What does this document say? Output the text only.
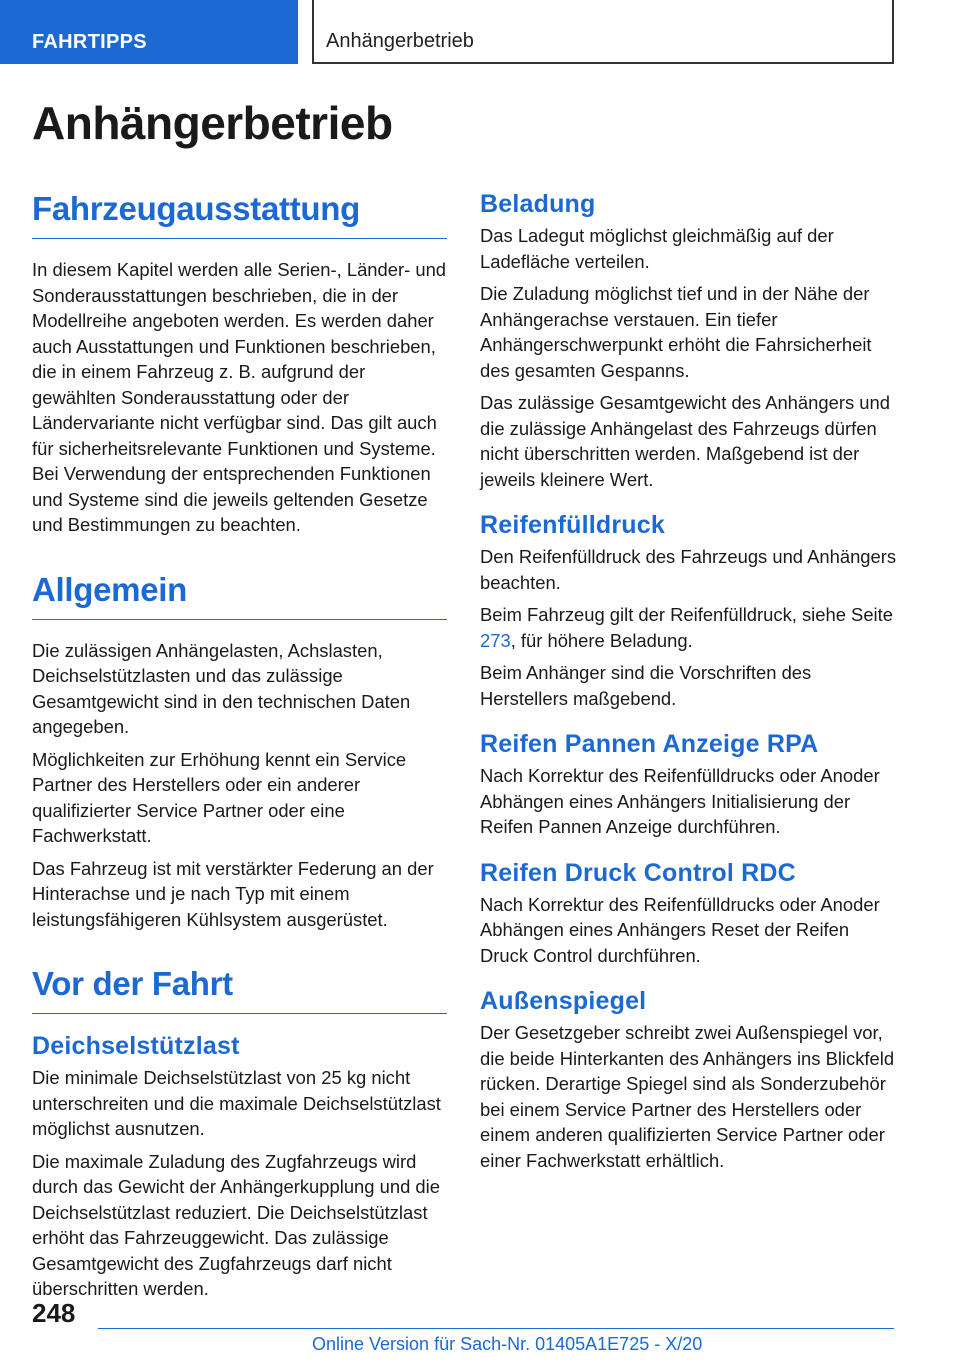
FAHRTIPPS	Anhängerbetrieb
Anhängerbetrieb
Fahrzeugausstattung

In diesem Kapitel werden alle Serien-, Länder- und Sonderausstattungen beschrieben, die in der Modellreihe angeboten werden. Es werden daher auch Ausstattungen und Funktionen beschrieben, die in einem Fahrzeug z. B. aufgrund der gewählten Sonderausstattung oder der Ländervariante nicht verfügbar sind. Das gilt auch für sicherheitsrelevante Funktionen und Systeme. Bei Verwendung der entsprechenden Funktionen und Systeme sind die jeweils geltenden Gesetze und Bestimmungen zu beachten.

Allgemein

Die zulässigen Anhängelasten, Achslasten, Deichselstützlasten und das zulässige Gesamtgewicht sind in den technischen Daten angegeben.

Möglichkeiten zur Erhöhung kennt ein Service Partner des Herstellers oder ein anderer qualifizierter Service Partner oder eine Fachwerkstatt.

Das Fahrzeug ist mit verstärkter Federung an der Hinterachse und je nach Typ mit einem leistungsfähigeren Kühlsystem ausgerüstet.

Vor der Fahrt
Deichselstützlast

Die minimale Deichselstützlast von 25 kg nicht unterschreiten und die maximale Deichselstützlast möglichst ausnutzen.

Die maximale Zuladung des Zugfahrzeugs wird durch das Gewicht der Anhängerkupplung und die Deichselstützlast reduziert. Die Deichselstützlast erhöht das Fahrzeuggewicht. Das zulässige Gesamtgewicht des Zugfahrzeugs darf nicht überschritten werden.

Beladung

Das Ladegut möglichst gleichmäßig auf der Ladefläche verteilen.

Die Zuladung möglichst tief und in der Nähe der Anhängerachse verstauen. Ein tiefer Anhängerschwerpunkt erhöht die Fahrsicherheit des gesamten Gespanns.

Das zulässige Gesamtgewicht des Anhängers und die zulässige Anhängelast des Fahrzeugs dürfen nicht überschritten werden. Maßgebend ist der jeweils kleinere Wert.

Reifenfülldruck

Den Reifenfülldruck des Fahrzeugs und Anhängers beachten.

Beim Fahrzeug gilt der Reifenfülldruck, siehe Seite 273, für höhere Beladung.

Beim Anhänger sind die Vorschriften des Herstellers maßgebend.

Reifen Pannen Anzeige RPA

Nach Korrektur des Reifenfülldrucks oder Anoder Abhängen eines Anhängers Initialisierung der Reifen Pannen Anzeige durchführen.

Reifen Druck Control RDC

Nach Korrektur des Reifenfülldrucks oder Anoder Abhängen eines Anhängers Reset der Reifen Druck Control durchführen.

Außenspiegel

Der Gesetzgeber schreibt zwei Außenspiegel vor, die beide Hinterkanten des Anhängers ins Blickfeld rücken. Derartige Spiegel sind als Sonderzubehör bei einem Service Partner des Herstellers oder einem anderen qualifizierten Service Partner oder einer Fachwerkstatt erhältlich.

248
Online Version für Sach-Nr. 01405A1E725 - X/20
